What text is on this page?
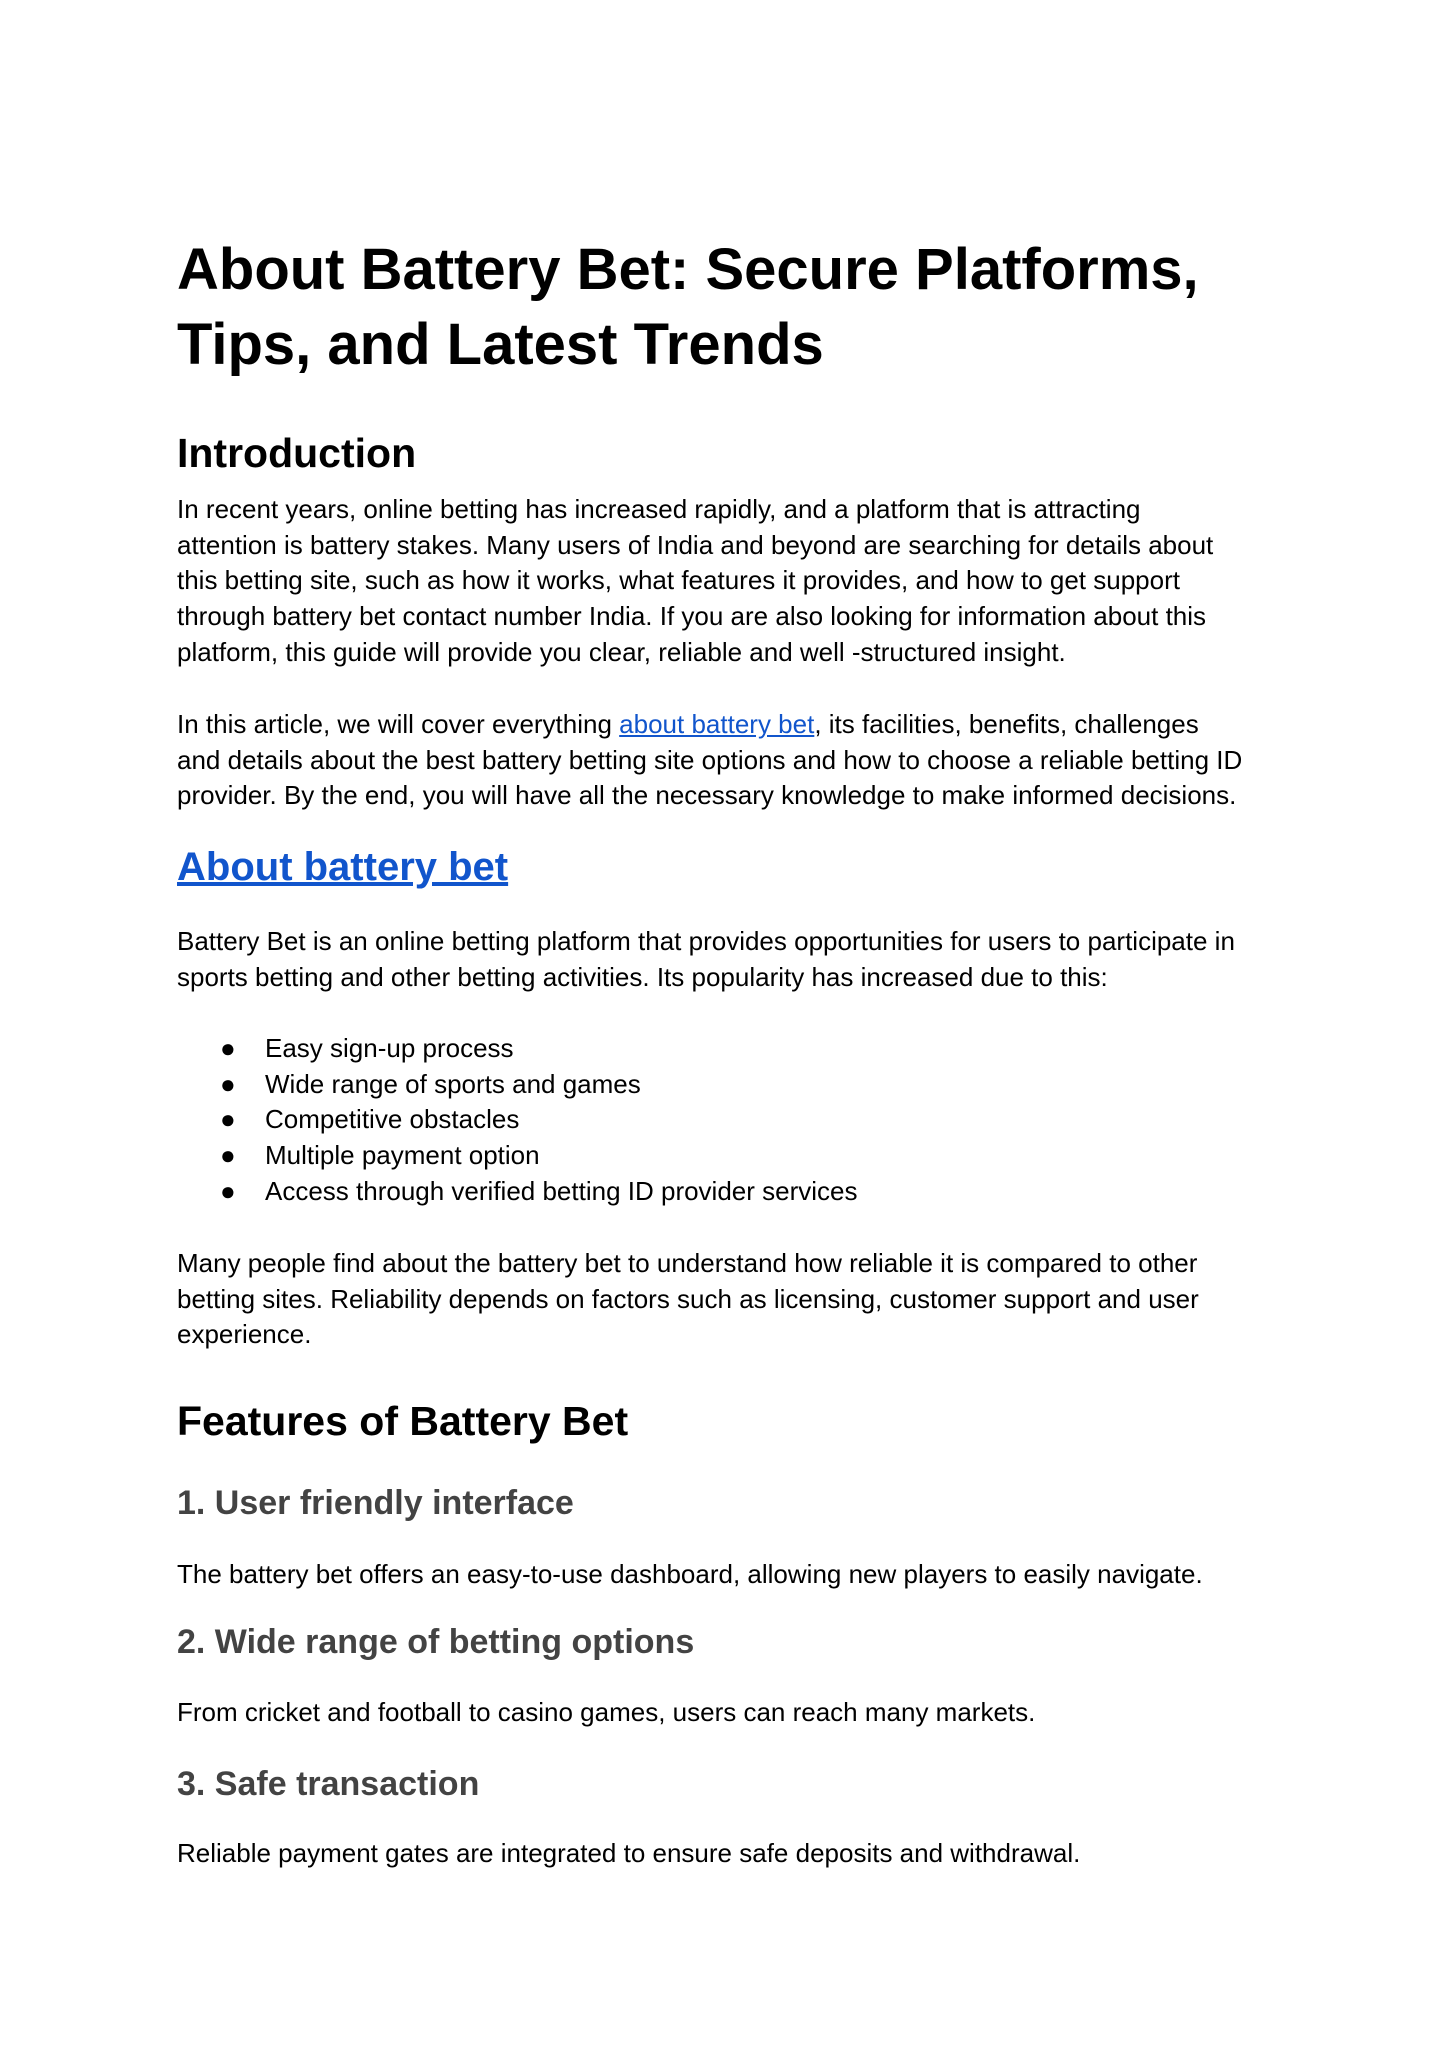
About Battery Bet: Secure Platforms,
Tips, and Latest Trends
Introduction
In recent years, online betting has increased rapidly, and a platform that is attracting
attention is battery stakes. Many users of India and beyond are searching for details about
this betting site, such as how it works, what features it provides, and how to get support
through battery bet contact number India. If you are also looking for information about this
platform, this guide will provide you clear, reliable and well -structured insight.
In this article, we will cover everything about battery bet, its facilities, benefits, challenges
and details about the best battery betting site options and how to choose a reliable betting ID
provider. By the end, you will have all the necessary knowledge to make informed decisions.
About battery bet
Battery Bet is an online betting platform that provides opportunities for users to participate in
sports betting and other betting activities. Its popularity has increased due to this:
● Easy sign-up process
● Wide range of sports and games
● Competitive obstacles
● Multiple payment option
● Access through verified betting ID provider services
Many people find about the battery bet to understand how reliable it is compared to other
betting sites. Reliability depends on factors such as licensing, customer support and user
experience.
Features of Battery Bet
1. User friendly interface
The battery bet offers an easy-to-use dashboard, allowing new players to easily navigate.
2. Wide range of betting options
From cricket and football to casino games, users can reach many markets.
3. Safe transaction
Reliable payment gates are integrated to ensure safe deposits and withdrawal.
